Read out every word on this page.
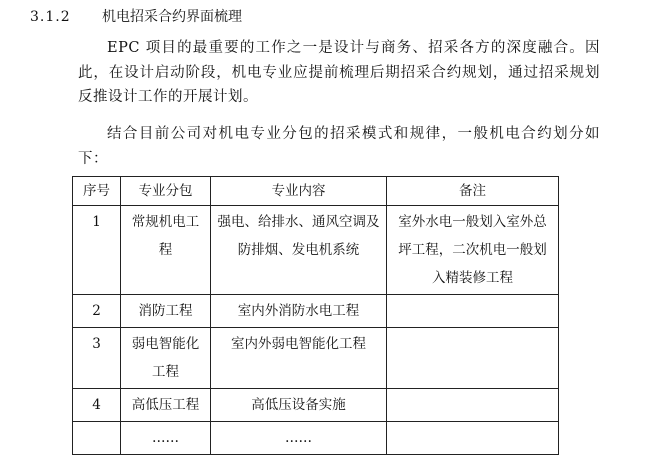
3.1.2 机电招采合约界面梳理

EPC 项目的最重要的工作之一是设计与商务、招采各方的深度融合。因此，在设计启动阶段，机电专业应提前梳理后期招采合约规划，通过招采规划反推设计工作的开展计划。

结合目前公司对机电专业分包的招采模式和规律，一般机电合约划分如下：

序号	专业分包	专业内容	备注
1	常规机电工程	强电、给排水、通风空调及防排烟、发电机系统	室外水电一般划入室外总坪工程，二次机电一般划入精装修工程
2	消防工程	室内外消防水电工程	
3	弱电智能化工程	室内外弱电智能化工程	
4	高低压工程	高低压设备实施	
	……	……	
